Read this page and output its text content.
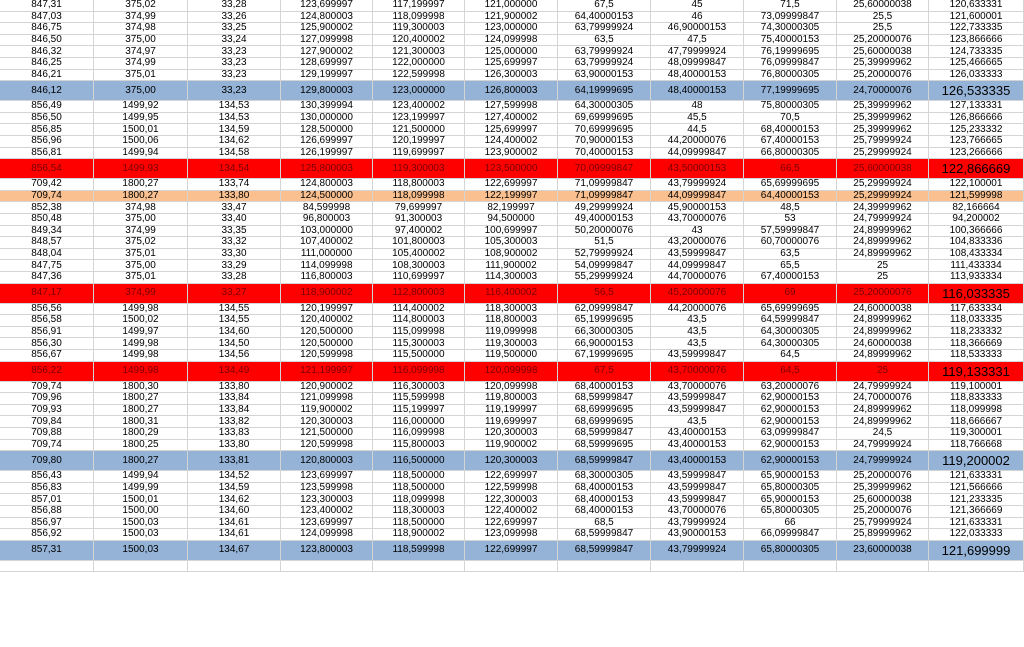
847,31	375,02	33,28	123,699997	117,199997	121,000000	67,5	45	71,5	25,60000038	120,633331
847,03	374,99	33,26	124,800003	118,099998	121,900002	64,40000153	46	73,09999847	25,5	121,600001
846,75	374,98	33,25	125,900002	119,300003	123,000000	63,79999924	46,90000153	74,30000305	25,5	122,733335
846,50	375,00	33,24	127,099998	120,400002	124,099998	63,5	47,5	75,40000153	25,20000076	123,866666
846,32	374,97	33,23	127,900002	121,300003	125,000000	63,79999924	47,79999924	76,19999695	25,60000038	124,733335
846,25	374,99	33,23	128,699997	122,000000	125,699997	63,79999924	48,09999847	76,09999847	25,39999962	125,466665
846,21	375,01	33,23	129,199997	122,599998	126,300003	63,90000153	48,40000153	76,80000305	25,20000076	126,033333
846,12	375,00	33,23	129,800003	123,000000	126,800003	64,19999695	48,40000153	77,19999695	24,70000076	126,533335
856,49	1499,92	134,53	130,399994	123,400002	127,599998	64,30000305	48	75,80000305	25,39999962	127,133331
856,50	1499,95	134,53	130,000000	123,199997	127,400002	69,69999695	45,5	70,5	25,39999962	126,866666
856,85	1500,01	134,59	128,500000	121,500000	125,699997	70,69999695	44,5	68,40000153	25,39999962	125,233332
856,96	1500,06	134,62	126,699997	120,199997	124,400002	70,90000153	44,20000076	67,40000153	25,79999924	123,766665
856,81	1499,94	134,58	126,199997	119,699997	123,900002	70,40000153	44,09999847	66,80000305	25,29999924	123,266666
856,54	1499,93	134,54	125,800003	119,300003	123,500000	70,09999847	43,50000153	66,5	25,60000038	122,866669
709,42	1800,27	133,74	124,800003	118,800003	122,699997	71,09999847	43,79999924	65,69999695	25,29999924	122,100001
709,74	1800,27	133,80	124,500000	118,099998	122,199997	71,09999847	44,09999847	64,40000153	25,29999924	121,599998
852,38	374,98	33,47	84,599998	79,699997	82,199997	49,29999924	45,90000153	48,5	24,39999962	82,166664
850,48	375,00	33,40	96,800003	91,300003	94,500000	49,40000153	43,70000076	53	24,79999924	94,200002
849,34	374,99	33,35	103,000000	97,400002	100,699997	50,20000076	43	57,59999847	24,89999962	100,366666
848,57	375,02	33,32	107,400002	101,800003	105,300003	51,5	43,20000076	60,70000076	24,89999962	104,833336
848,04	375,01	33,30	111,000000	105,400002	108,900002	52,79999924	43,59999847	63,5	24,89999962	108,433334
847,75	375,00	33,29	114,099998	108,300003	111,900002	54,09999847	44,09999847	65,5	25	111,433334
847,36	375,01	33,28	116,800003	110,699997	114,300003	55,29999924	44,70000076	67,40000153	25	113,933334
847,17	374,99	33,27	118,900002	112,800003	116,400002	56,5	45,20000076	69	25,20000076	116,033335
856,56	1499,98	134,55	120,199997	114,400002	118,300003	62,09999847	44,20000076	65,69999695	24,60000038	117,633334
856,58	1500,02	134,55	120,400002	114,800003	118,800003	65,19999695	43,5	64,59999847	24,89999962	118,033335
856,91	1499,97	134,60	120,500000	115,099998	119,099998	66,30000305	43,5	64,30000305	24,89999962	118,233332
856,30	1499,98	134,50	120,500000	115,300003	119,300003	66,90000153	43,5	64,30000305	24,60000038	118,366669
856,67	1499,98	134,56	120,599998	115,500000	119,500000	67,19999695	43,59999847	64,5	24,89999962	118,533333
856,22	1499,98	134,49	121,199997	116,099998	120,099998	67,5	43,70000076	64,5	25	119,133331
709,74	1800,30	133,80	120,900002	116,300003	120,099998	68,40000153	43,70000076	63,20000076	24,79999924	119,100001
709,96	1800,27	133,84	121,099998	115,599998	119,800003	68,59999847	43,59999847	62,90000153	24,70000076	118,833333
709,93	1800,27	133,84	119,900002	115,199997	119,199997	68,69999695	43,59999847	62,90000153	24,89999962	118,099998
709,84	1800,31	133,82	120,300003	116,000000	119,699997	68,69999695	43,5	62,90000153	24,89999962	118,666667
709,88	1800,29	133,83	121,500000	116,099998	120,300003	68,59999847	43,40000153	63,09999847	24,5	119,300001
709,74	1800,25	133,80	120,599998	115,800003	119,900002	68,59999695	43,40000153	62,90000153	24,79999924	118,766668
709,80	1800,27	133,81	120,800003	116,500000	120,300003	68,59999847	43,40000153	62,90000153	24,79999924	119,200002
856,43	1499,94	134,52	123,699997	118,500000	122,699997	68,30000305	43,59999847	65,90000153	25,20000076	121,633331
856,83	1499,99	134,59	123,599998	118,500000	122,599998	68,40000153	43,59999847	65,80000305	25,39999962	121,566666
857,01	1500,01	134,62	123,300003	118,099998	122,300003	68,40000153	43,59999847	65,90000153	25,60000038	121,233335
856,88	1500,00	134,60	123,400002	118,300003	122,400002	68,40000153	43,70000076	65,80000305	25,20000076	121,366669
856,97	1500,03	134,61	123,699997	118,500000	122,699997	68,5	43,79999924	66	25,79999924	121,633331
856,92	1500,03	134,61	124,099998	118,900002	123,099998	68,59999847	43,90000153	66,09999847	25,89999962	122,033333
857,31	1500,03	134,67	123,800003	118,599998	122,699997	68,59999847	43,79999924	65,80000305	23,60000038	121,699999
